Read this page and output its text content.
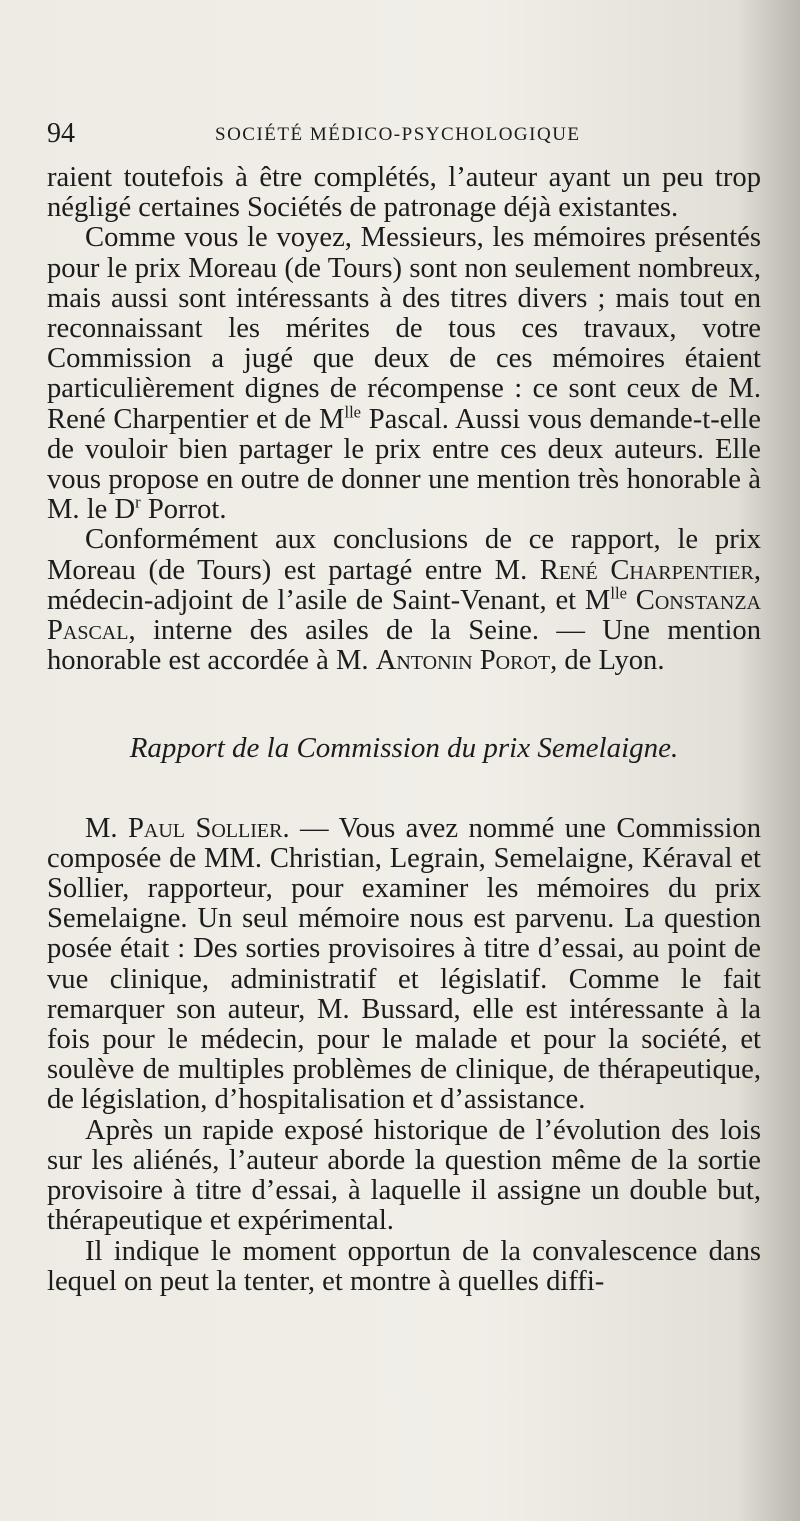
94	SOCIÉTÉ MÉDICO-PSYCHOLOGIQUE

raient toutefois à être complétés, l’auteur ayant un peu trop négligé certaines Sociétés de patronage déjà existantes.

Comme vous le voyez, Messieurs, les mémoires présentés pour le prix Moreau (de Tours) sont non seulement nombreux, mais aussi sont intéressants à des titres divers ; mais tout en reconnaissant les mérites de tous ces travaux, votre Commission a jugé que deux de ces mémoires étaient particulièrement dignes de récompense : ce sont ceux de M. René Charpentier et de $M^{lle}$ Pascal. Aussi vous demande-t-elle de vouloir bien partager le prix entre ces deux auteurs. Elle vous propose en outre de donner une mention très honorable à M. le $D^r$ Porrot.

Conformément aux conclusions de ce rapport, le prix Moreau (de Tours) est partagé entre M. René Charpentier, médecin-adjoint de l’asile de Saint-Venant, et $M^{lle}$ Constanza Pascal, interne des asiles de la Seine. — Une mention honorable est accordée à M. Antonin Porot, de Lyon.

Rapport de la Commission du prix Semelaigne.

M. Paul Sollier. — Vous avez nommé une Commission composée de MM. Christian, Legrain, Semelaigne, Kéraval et Sollier, rapporteur, pour examiner les mémoires du prix Semelaigne. Un seul mémoire nous est parvenu. La question posée était : Des sorties provisoires à titre d’essai, au point de vue clinique, administratif et législatif. Comme le fait remarquer son auteur, M. Bussard, elle est intéressante à la fois pour le médecin, pour le malade et pour la société, et soulève de multiples problèmes de clinique, de thérapeutique, de législation, d’hospitalisation et d’assistance.

Après un rapide exposé historique de l’évolution des lois sur les aliénés, l’auteur aborde la question même de la sortie provisoire à titre d’essai, à laquelle il assigne un double but, thérapeutique et expérimental.

Il indique le moment opportun de la convalescence dans lequel on peut la tenter, et montre à quelles diffi-
